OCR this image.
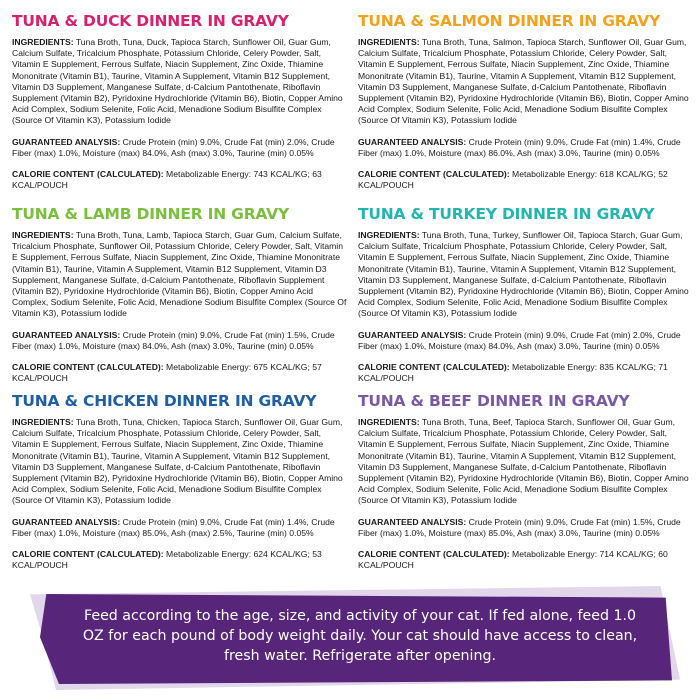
TUNA & DUCK DINNER IN GRAVY
INGREDIENTS: Tuna Broth, Tuna, Duck, Tapioca Starch, Sunflower Oil, Guar Gum, Calcium Sulfate, Tricalcium Phosphate, Potassium Chloride, Celery Powder, Salt, Vitamin E Supplement, Ferrous Sulfate, Niacin Supplement, Zinc Oxide, Thiamine Mononitrate (Vitamin B1), Taurine, Vitamin A Supplement, Vitamin B12 Supplement, Vitamin D3 Supplement, Manganese Sulfate, d-Calcium Pantothenate, Riboflavin Supplement (Vitamin B2), Pyridoxine Hydrochloride (Vitamin B6), Biotin, Copper Amino Acid Complex, Sodium Selenite, Folic Acid, Menadione Sodium Bisulfite Complex (Source Of Vitamin K3), Potassium Iodide
GUARANTEED ANALYSIS: Crude Protein (min) 9.0%, Crude Fat (min) 2.0%, Crude Fiber (max) 1.0%, Moisture (max) 84.0%, Ash (max) 3.0%, Taurine (min) 0.05%
CALORIE CONTENT (CALCULATED): Metabolizable Energy: 743 KCAL/KG; 63 KCAL/POUCH
TUNA & SALMON DINNER IN GRAVY
INGREDIENTS: Tuna Broth, Tuna, Salmon, Tapioca Starch, Sunflower Oil, Guar Gum, Calcium Sulfate, Tricalcium Phosphate, Potassium Chloride, Celery Powder, Salt, Vitamin E Supplement, Ferrous Sulfate, Niacin Supplement, Zinc Oxide, Thiamine Mononitrate (Vitamin B1), Taurine, Vitamin A Supplement, Vitamin B12 Supplement, Vitamin D3 Supplement, Manganese Sulfate, d-Calcium Pantothenate, Riboflavin Supplement (Vitamin B2), Pyridoxine Hydrochloride (Vitamin B6), Biotin, Copper Amino Acid Complex, Sodium Selenite, Folic Acid, Menadione Sodium Bisulfite Complex (Source Of Vitamin K3), Potassium Iodide
GUARANTEED ANALYSIS: Crude Protein (min) 9.0%, Crude Fat (min) 1.4%, Crude Fiber (max) 1.0%, Moisture (max) 86.0%, Ash (max) 3.0%, Taurine (min) 0.05%
CALORIE CONTENT (CALCULATED): Metabolizable Energy: 618 KCAL/KG; 52 KCAL/POUCH
TUNA & LAMB DINNER IN GRAVY
INGREDIENTS: Tuna Broth, Tuna, Lamb, Tapioca Starch, Guar Gum, Calcium Sulfate, Tricalcium Phosphate, Sunflower Oil, Potassium Chloride, Celery Powder, Salt, Vitamin E Supplement, Ferrous Sulfate, Niacin Supplement, Zinc Oxide, Thiamine Mononitrate (Vitamin B1), Taurine, Vitamin A Supplement, Vitamin B12 Supplement, Vitamin D3 Supplement, Manganese Sulfate, d-Calcium Pantothenate, Riboflavin Supplement (Vitamin B2), Pyridoxine Hydrochloride (Vitamin B6), Biotin, Copper Amino Acid Complex, Sodium Selenite, Folic Acid, Menadione Sodium Bisulfite Complex (Source Of Vitamin K3), Potassium Iodide
GUARANTEED ANALYSIS: Crude Protein (min) 9.0%, Crude Fat (min) 1.5%, Crude Fiber (max) 1.0%, Moisture (max) 84.0%, Ash (max) 3.0%, Taurine (min) 0.05%
CALORIE CONTENT (CALCULATED): Metabolizable Energy: 675 KCAL/KG; 57 KCAL/POUCH
TUNA & TURKEY DINNER IN GRAVY
INGREDIENTS: Tuna Broth, Tuna, Turkey, Sunflower Oil, Tapioca Starch, Guar Gum, Calcium Sulfate, Tricalcium Phosphate, Potassium Chloride, Celery Powder, Salt, Vitamin E Supplement, Ferrous Sulfate, Niacin Supplement, Zinc Oxide, Thiamine Mononitrate (Vitamin B1), Taurine, Vitamin A Supplement, Vitamin B12 Supplement, Vitamin D3 Supplement, Manganese Sulfate, d-Calcium Pantothenate, Riboflavin Supplement (Vitamin B2), Pyridoxine Hydrochloride (Vitamin B6), Biotin, Copper Amino Acid Complex, Sodium Selenite, Folic Acid, Menadione Sodium Bisulfite Complex (Source Of Vitamin K3), Potassium Iodide
GUARANTEED ANALYSIS: Crude Protein (min) 9.0%, Crude Fat (min) 2.0%, Crude Fiber (max) 1.0%, Moisture (max) 84.0%, Ash (max) 3.0%, Taurine (min) 0.05%
CALORIE CONTENT (CALCULATED): Metabolizable Energy: 835 KCAL/KG; 71 KCAL/POUCH
TUNA & CHICKEN DINNER IN GRAVY
INGREDIENTS: Tuna Broth, Tuna, Chicken, Tapioca Starch, Sunflower Oil, Guar Gum, Calcium Sulfate, Tricalcium Phosphate, Potassium Chloride, Celery Powder, Salt, Vitamin E Supplement, Ferrous Sulfate, Niacin Supplement, Zinc Oxide, Thiamine Mononitrate (Vitamin B1), Taurine, Vitamin A Supplement, Vitamin B12 Supplement, Vitamin D3 Supplement, Manganese Sulfate, d-Calcium Pantothenate, Riboflavin Supplement (Vitamin B2), Pyridoxine Hydrochloride (Vitamin B6), Biotin, Copper Amino Acid Complex, Sodium Selenite, Folic Acid, Menadione Sodium Bisulfite Complex (Source Of Vitamin K3), Potassium Iodide
GUARANTEED ANALYSIS: Crude Protein (min) 9.0%, Crude Fat (min) 1.4%, Crude Fiber (max) 1.0%, Moisture (max) 85.0%, Ash (max) 2.5%, Taurine (min) 0.05%
CALORIE CONTENT (CALCULATED): Metabolizable Energy: 624 KCAL/KG; 53 KCAL/POUCH
TUNA & BEEF DINNER IN GRAVY
INGREDIENTS: Tuna Broth, Tuna, Beef, Tapioca Starch, Sunflower Oil, Guar Gum, Calcium Sulfate, Tricalcium Phosphate, Potassium Chloride, Celery Powder, Salt, Vitamin E Supplement, Ferrous Sulfate, Niacin Supplement, Zinc Oxide, Thiamine Mononitrate (Vitamin B1), Taurine, Vitamin A Supplement, Vitamin B12 Supplement, Vitamin D3 Supplement, Manganese Sulfate, d-Calcium Pantothenate, Riboflavin Supplement (Vitamin B2), Pyridoxine Hydrochloride (Vitamin B6), Biotin, Copper Amino Acid Complex, Sodium Selenite, Folic Acid, Menadione Sodium Bisulfite Complex (Source Of Vitamin K3), Potassium Iodide
GUARANTEED ANALYSIS: Crude Protein (min) 9.0%, Crude Fat (min) 1.5%, Crude Fiber (max) 1.0%, Moisture (max) 85.0%, Ash (max) 3.0%, Taurine (min) 0.05%
CALORIE CONTENT (CALCULATED): Metabolizable Energy: 714 KCAL/KG; 60 KCAL/POUCH
Feed according to the age, size, and activity of your cat. If fed alone, feed 1.0 OZ for each pound of body weight daily. Your cat should have access to clean, fresh water. Refrigerate after opening.
